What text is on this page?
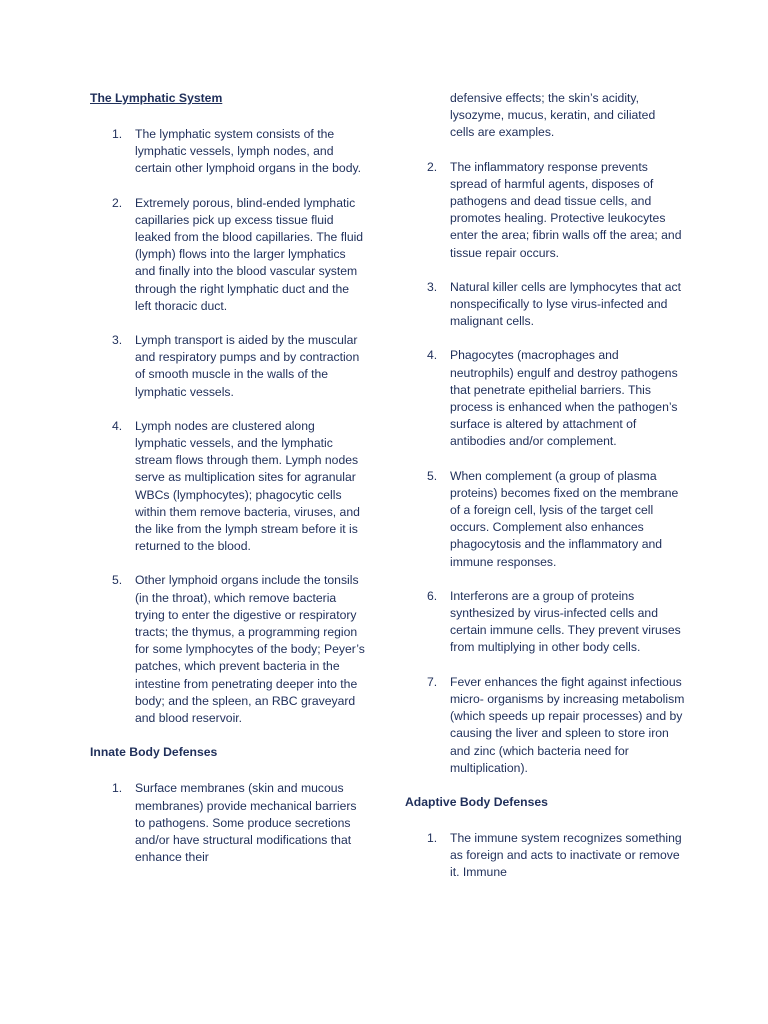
The Lymphatic System
1. The lymphatic system consists of the lymphatic vessels, lymph nodes, and certain other lymphoid organs in the body.
2. Extremely porous, blind-ended lymphatic capillaries pick up excess tissue fluid leaked from the blood capillaries. The fluid (lymph) flows into the larger lymphatics and finally into the blood vascular system through the right lymphatic duct and the left thoracic duct.
3. Lymph transport is aided by the muscular and respiratory pumps and by contraction of smooth muscle in the walls of the lymphatic vessels.
4. Lymph nodes are clustered along lymphatic vessels, and the lymphatic stream flows through them. Lymph nodes serve as multiplication sites for agranular WBCs (lymphocytes); phagocytic cells within them remove bacteria, viruses, and the like from the lymph stream before it is returned to the blood.
5. Other lymphoid organs include the tonsils (in the throat), which remove bacteria trying to enter the digestive or respiratory tracts; the thymus, a programming region for some lymphocytes of the body; Peyer’s patches, which prevent bacteria in the intestine from penetrating deeper into the body; and the spleen, an RBC graveyard and blood reservoir.
Innate Body Defenses
1. Surface membranes (skin and mucous membranes) provide mechanical barriers to pathogens. Some produce secretions and/or have structural modifications that enhance their

defensive effects; the skin’s acidity, lysozyme, mucus, keratin, and ciliated cells are examples.

2. The inflammatory response prevents spread of harmful agents, disposes of pathogens and dead tissue cells, and promotes healing. Protective leukocytes enter the area; fibrin walls off the area; and tissue repair occurs.
3. Natural killer cells are lymphocytes that act nonspecifically to lyse virus-infected and malignant cells.
4. Phagocytes (macrophages and neutrophils) engulf and destroy pathogens that penetrate epithelial barriers. This process is enhanced when the pathogen’s surface is altered by attachment of antibodies and/or complement.
5. When complement (a group of plasma proteins) becomes fixed on the membrane of a foreign cell, lysis of the target cell occurs. Complement also enhances phagocytosis and the inflammatory and immune responses.
6. Interferons are a group of proteins synthesized by virus-infected cells and certain immune cells. They prevent viruses from multiplying in other body cells.
7. Fever enhances the fight against infectious micro- organisms by increasing metabolism (which speeds up repair processes) and by causing the liver and spleen to store iron and zinc (which bacteria need for multiplication).
Adaptive Body Defenses
1. The immune system recognizes something as foreign and acts to inactivate or remove it. Immune
